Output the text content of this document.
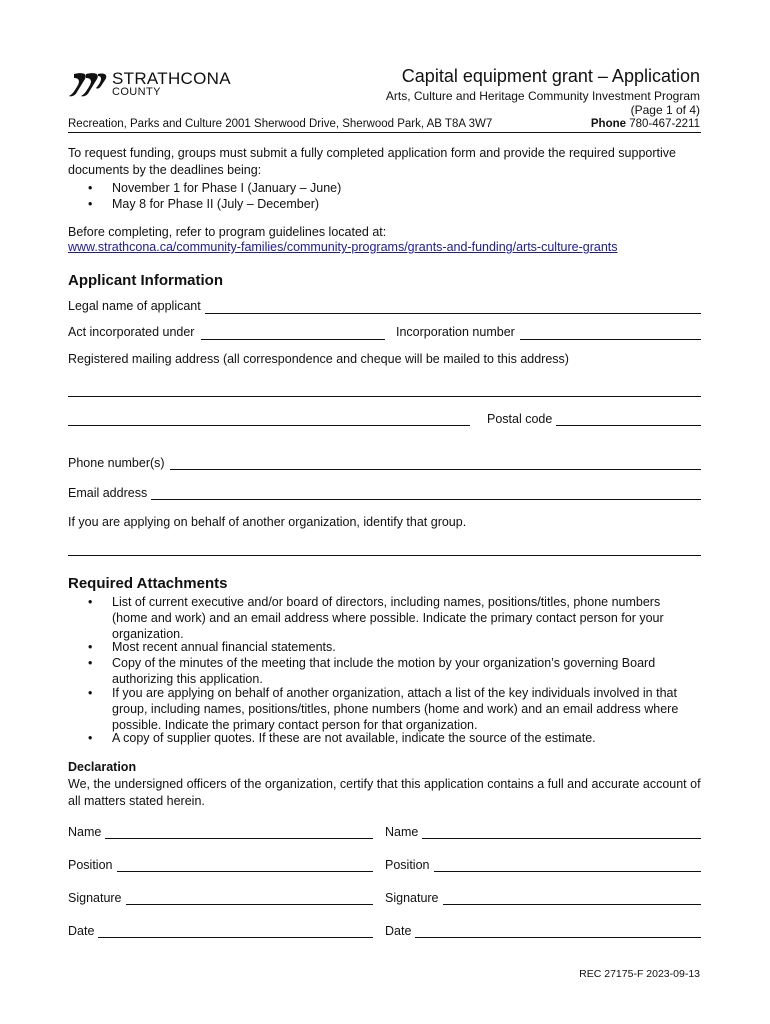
STRATHCONA
COUNTY
Capital equipment grant – Application
Arts, Culture and Heritage Community Investment Program
(Page 1 of 4)
Recreation, Parks and Culture 2001 Sherwood Drive, Sherwood Park, AB T8A 3W7	Phone 780-467-2211
To request funding, groups must submit a fully completed application form and provide the required supportive documents by the deadlines being:
• November 1 for Phase I (January – June)
• May 8 for Phase II (July – December)
Before completing, refer to program guidelines located at:
www.strathcona.ca/community-families/community-programs/grants-and-funding/arts-culture-grants
Applicant Information
Legal name of applicant
Act incorporated under	Incorporation number
Registered mailing address (all correspondence and cheque will be mailed to this address)
Postal code
Phone number(s)
Email address
If you are applying on behalf of another organization, identify that group.
Required Attachments
• List of current executive and/or board of directors, including names, positions/titles, phone numbers (home and work) and an email address where possible. Indicate the primary contact person for your organization.
• Most recent annual financial statements.
• Copy of the minutes of the meeting that include the motion by your organization’s governing Board authorizing this application.
• If you are applying on behalf of another organization, attach a list of the key individuals involved in that group, including names, positions/titles, phone numbers (home and work) and an email address where possible. Indicate the primary contact person for that organization.
• A copy of supplier quotes. If these are not available, indicate the source of the estimate.
Declaration
We, the undersigned officers of the organization, certify that this application contains a full and accurate account of all matters stated herein.
Name
Position
Signature
Date
Name
Position
Signature
Date
REC 27175-F 2023-09-13
